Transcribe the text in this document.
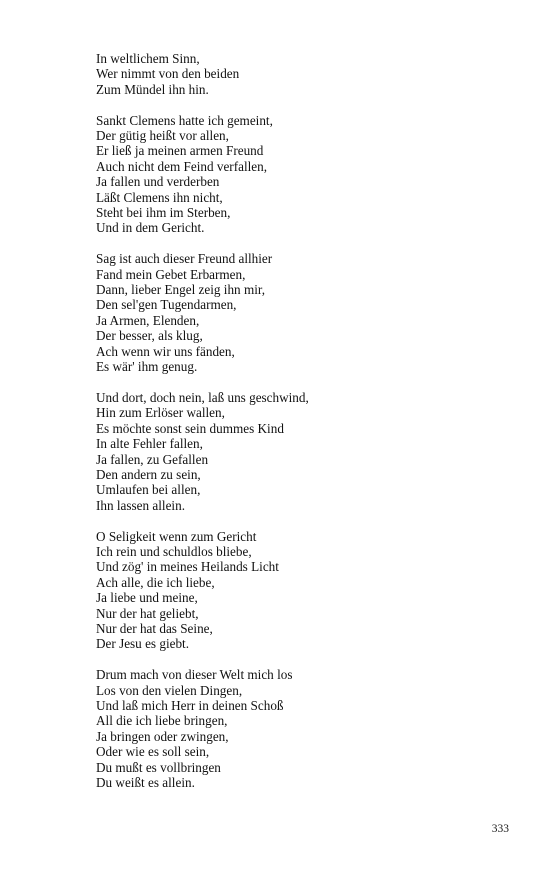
In weltlichem Sinn,
Wer nimmt von den beiden
Zum Mündel ihn hin.
Sankt Clemens hatte ich gemeint,
Der gütig heißt vor allen,
Er ließ ja meinen armen Freund
Auch nicht dem Feind verfallen,
Ja fallen und verderben
Läßt Clemens ihn nicht,
Steht bei ihm im Sterben,
Und in dem Gericht.
Sag ist auch dieser Freund allhier
Fand mein Gebet Erbarmen,
Dann, lieber Engel zeig ihn mir,
Den sel'gen Tugendarmen,
Ja Armen, Elenden,
Der besser, als klug,
Ach wenn wir uns fänden,
Es wär' ihm genug.
Und dort, doch nein, laß uns geschwind,
Hin zum Erlöser wallen,
Es möchte sonst sein dummes Kind
In alte Fehler fallen,
Ja fallen, zu Gefallen
Den andern zu sein,
Umlaufen bei allen,
Ihn lassen allein.
O Seligkeit wenn zum Gericht
Ich rein und schuldlos bliebe,
Und zög' in meines Heilands Licht
Ach alle, die ich liebe,
Ja liebe und meine,
Nur der hat geliebt,
Nur der hat das Seine,
Der Jesu es giebt.
Drum mach von dieser Welt mich los
Los von den vielen Dingen,
Und laß mich Herr in deinen Schoß
All die ich liebe bringen,
Ja bringen oder zwingen,
Oder wie es soll sein,
Du mußt es vollbringen
Du weißt es allein.
333
